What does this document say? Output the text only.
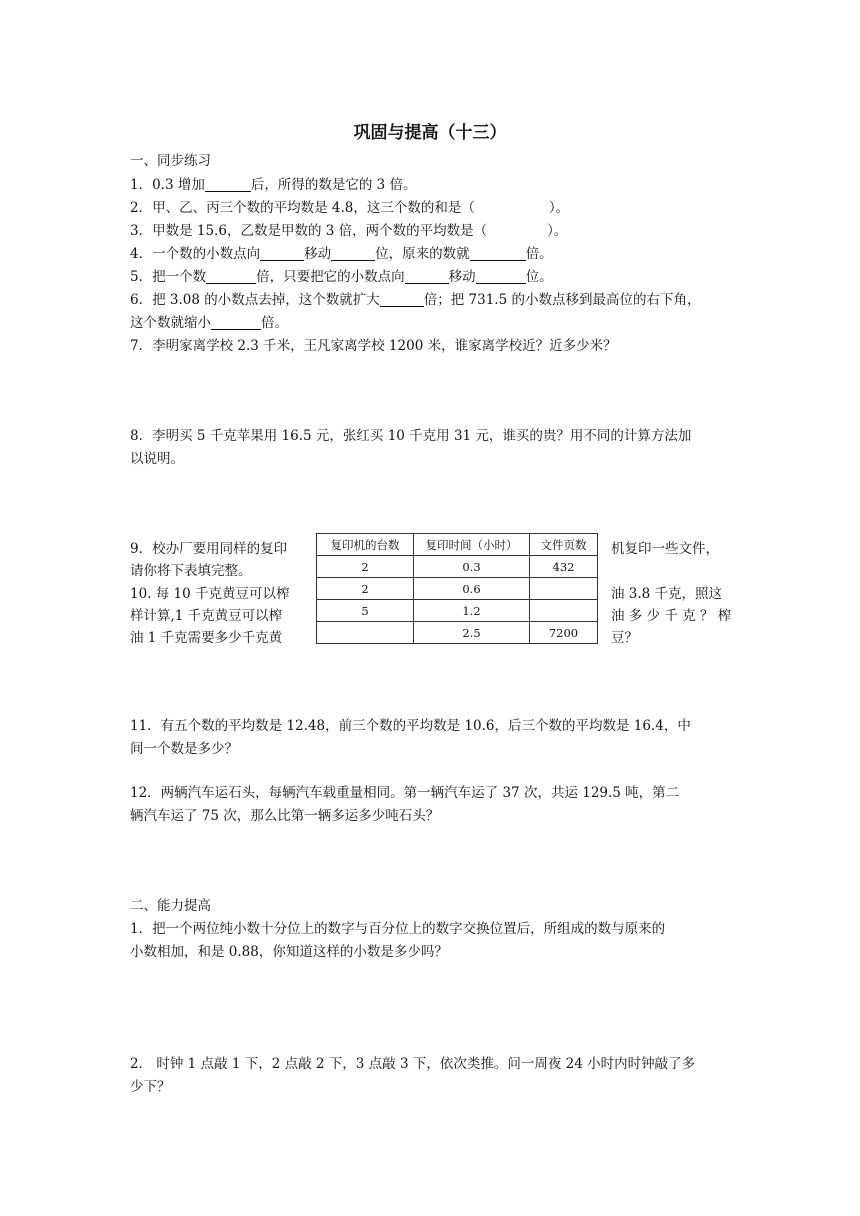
巩固与提高（十三）
一、同步练习
1．0.3 增加	后，所得的数是它的 3 倍。
2．甲、乙、丙三个数的平均数是 4.8，这三个数的和是（	）。
3．甲数是 15.6，乙数是甲数的 3 倍，两个数的平均数是（	）。
4．一个数的小数点向	移动	位，原来的数就	倍。
5．把一个数	倍，只要把它的小数点向	移动	位。
6．把 3.08 的小数点去掉，这个数就扩大	倍；把 731.5 的小数点移到最高位的右下角，
这个数就缩小	倍。
7．李明家离学校 2.3 千米，王凡家离学校 1200 米，谁家离学校近？近多少米？
8．李明买 5 千克苹果用 16.5 元，张红买 10 千克用 31 元，谁买的贵？用不同的计算方法加
以说明。
9．校办厂要用同样的复印
请你将下表填完整。
10. 每 10 千克黄豆可以榨
样计算,1 千克黄豆可以榨
油 1 千克需要多少千克黄
机复印一些文件，
油 3.8 千克，照这
油 多 少 千 克 ？ 榨
豆？
复印机的台数	复印时间（小时）	文件页数
2	0.3	432
2	0.6	
5	1.2	
	2.5	7200
11．有五个数的平均数是 12.48，前三个数的平均数是 10.6，后三个数的平均数是 16.4，中
间一个数是多少？
12．两辆汽车运石头，每辆汽车载重量相同。第一辆汽车运了 37 次，共运 129.5 吨，第二
辆汽车运了 75 次，那么比第一辆多运多少吨石头？
二、能力提高
1．把一个两位纯小数十分位上的数字与百分位上的数字交换位置后，所组成的数与原来的
小数相加，和是 0.88，你知道这样的小数是多少吗？
2． 时钟 1 点敲 1 下，2 点敲 2 下，3 点敲 3 下，依次类推。问一周夜 24 小时内时钟敲了多
少下？
